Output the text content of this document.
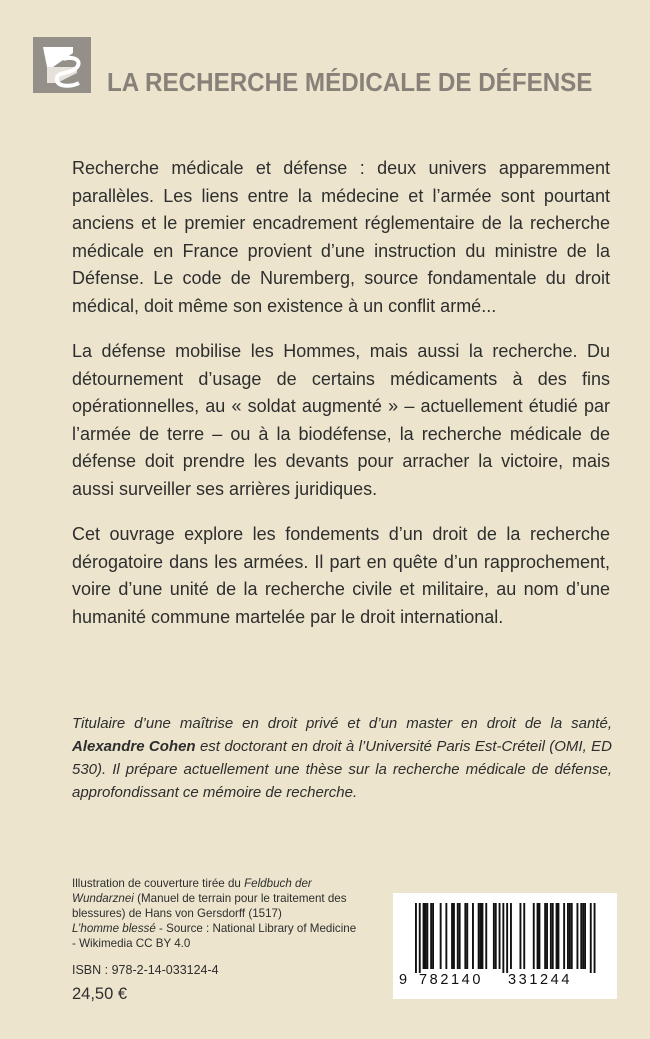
LA RECHERCHE MÉDICALE DE DÉFENSE

Recherche médicale et défense : deux univers apparemment parallèles. Les liens entre la médecine et l’armée sont pourtant anciens et le premier encadrement réglementaire de la recherche médicale en France provient d’une instruction du ministre de la Défense. Le code de Nuremberg, source fondamentale du droit médical, doit même son existence à un conflit armé...

La défense mobilise les Hommes, mais aussi la recherche. Du détournement d’usage de certains médicaments à des fins opérationnelles, au « soldat augmenté » – actuellement étudié par l’armée de terre – ou à la biodéfense, la recherche médicale de défense doit prendre les devants pour arracher la victoire, mais aussi surveiller ses arrières juridiques.

Cet ouvrage explore les fondements d’un droit de la recherche dérogatoire dans les armées. Il part en quête d’un rapprochement, voire d’une unité de la recherche civile et militaire, au nom d’une humanité commune martelée par le droit international.

Titulaire d’une maîtrise en droit privé et d’un master en droit de la santé, Alexandre Cohen est doctorant en droit à l’Université Paris Est-Créteil (OMI, ED 530). Il prépare actuellement une thèse sur la recherche médicale de défense, approfondissant ce mémoire de recherche.
Illustration de couverture tirée du Feldbuch der Wundarznei (Manuel de terrain pour le traitement des blessures) de Hans von Gersdorff (1517)
L’homme blessé - Source : National Library of Medicine - Wikimedia CC BY 4.0
ISBN : 978-2-14-033124-4
24,50 €
9 782140 331244
